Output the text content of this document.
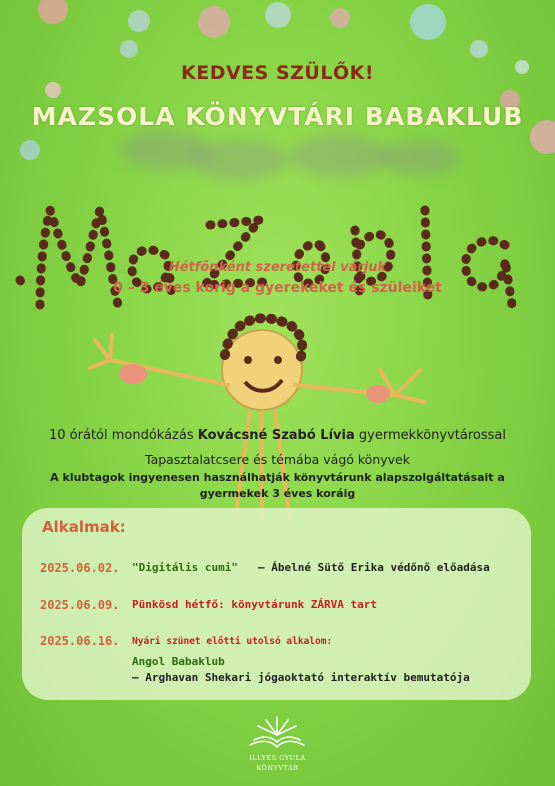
KEDVES SZÜLŐK!
MAZSOLA KÖNYVTÁRI BABAKLUB
Hétfőnként szeretettel várjuk
0 – 3 éves korig a gyerekeket és szüleiket
10 órától mondókázás Kovácsné Szabó Lívia gyermekkönyvtárossal
Tapasztalatcsere és témába vágó könyvek
A klubtagok ingyenesen használhatják könyvtárunk alapszolgáltatásait a
gyermekek 3 éves koráig
Alkalmak:
2025.06.02. "Digitális cumi" – Ábelné Sütő Erika védőnő előadása
2025.06.09. Pünkösd hétfő: könyvtárunk ZÁRVA tart
2025.06.16. Nyári szünet előtti utolsó alkalom:
Angol Babaklub
– Arghavan Shekari jógaoktató interaktív bemutatója
ILLYÉS GYULA
KÖNYVTÁR
